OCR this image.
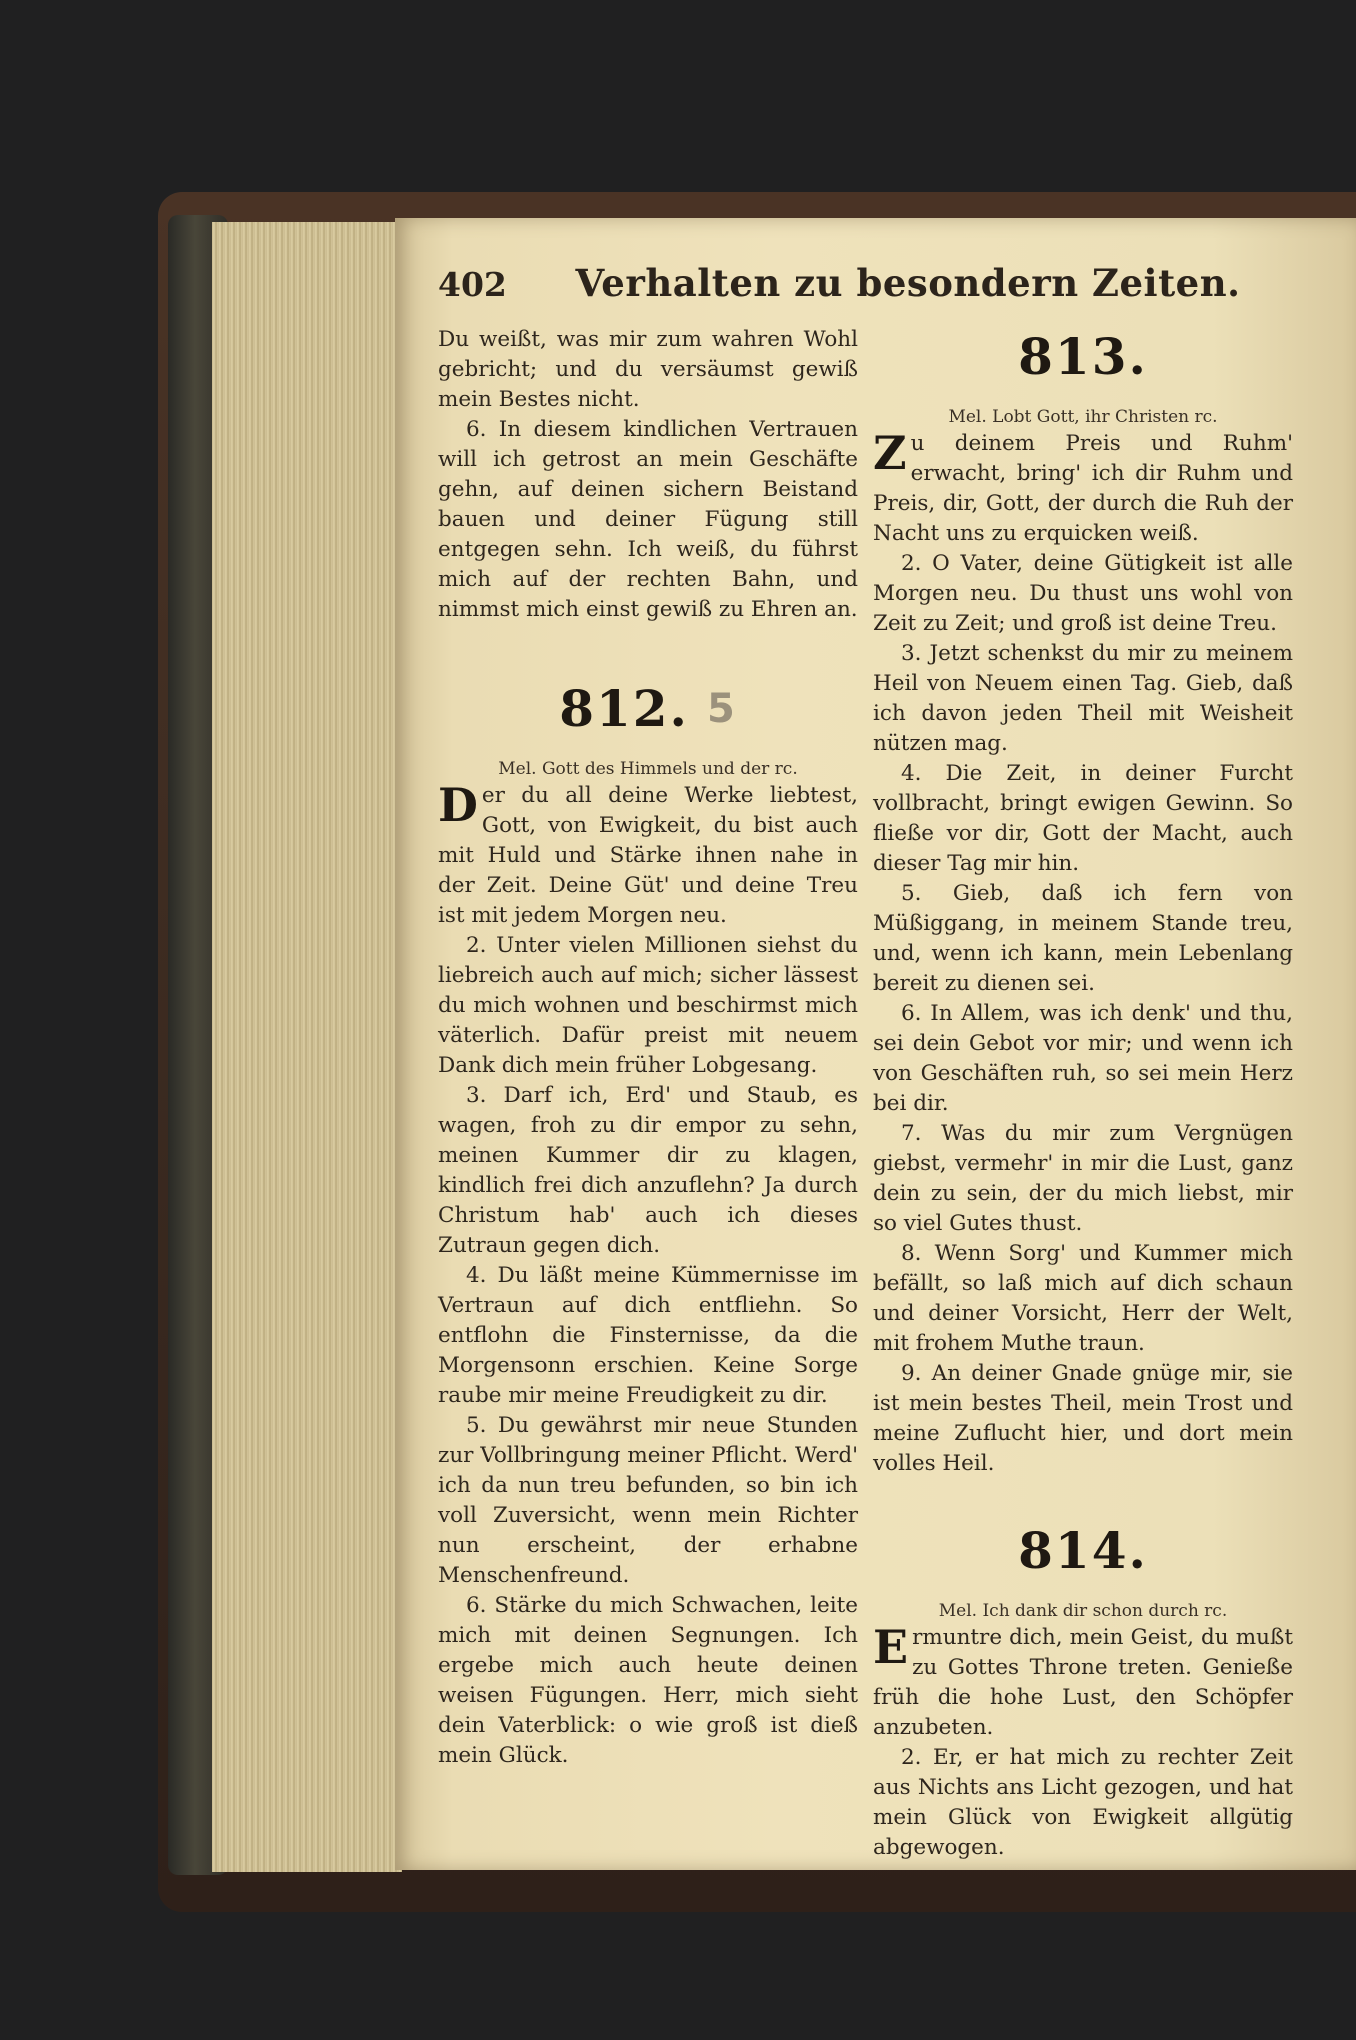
402 Verhalten zu besondern Zeiten.

Du weißt, was mir zum wahren Wohl gebricht; und du versäumst gewiß mein Bestes nicht.

6. In diesem kindlichen Vertrauen will ich getrost an mein Geschäfte gehn, auf deinen sichern Beistand bauen und deiner Fügung still entgegen sehn. Ich weiß, du führst mich auf der rechten Bahn, und nimmst mich einst gewiß zu Ehren an.

812. 5

Mel. Gott des Himmels und der rc.

Der du all deine Werke liebtest, Gott, von Ewigkeit, du bist auch mit Huld und Stärke ihnen nahe in der Zeit. Deine Güt' und deine Treu ist mit jedem Morgen neu.

2. Unter vielen Millionen siehst du liebreich auch auf mich; sicher lässest du mich wohnen und beschirmst mich väterlich. Dafür preist mit neuem Dank dich mein früher Lobgesang.

3. Darf ich, Erd' und Staub, es wagen, froh zu dir empor zu sehn, meinen Kummer dir zu klagen, kindlich frei dich anzuflehn? Ja durch Christum hab' auch ich dieses Zutraun gegen dich.

4. Du läßt meine Kümmernisse im Vertraun auf dich entfliehn. So entflohn die Finsternisse, da die Morgensonn erschien. Keine Sorge raube mir meine Freudigkeit zu dir.

5. Du gewährst mir neue Stunden zur Vollbringung meiner Pflicht. Werd' ich da nun treu befunden, so bin ich voll Zuversicht, wenn mein Richter nun erscheint, der erhabne Menschenfreund.

6. Stärke du mich Schwachen, leite mich mit deinen Segnungen. Ich ergebe mich auch heute deinen weisen Fügungen. Herr, mich sieht dein Vaterblick: o wie groß ist dieß mein Glück.

813.

Mel. Lobt Gott, ihr Christen rc.

Zu deinem Preis und Ruhm' erwacht, bring' ich dir Ruhm und Preis, dir, Gott, der durch die Ruh der Nacht uns zu erquicken weiß.

2. O Vater, deine Gütigkeit ist alle Morgen neu. Du thust uns wohl von Zeit zu Zeit; und groß ist deine Treu.

3. Jetzt schenkst du mir zu meinem Heil von Neuem einen Tag. Gieb, daß ich davon jeden Theil mit Weisheit nützen mag.

4. Die Zeit, in deiner Furcht vollbracht, bringt ewigen Gewinn. So fließe vor dir, Gott der Macht, auch dieser Tag mir hin.

5. Gieb, daß ich fern von Müßiggang, in meinem Stande treu, und, wenn ich kann, mein Lebenlang bereit zu dienen sei.

6. In Allem, was ich denk' und thu, sei dein Gebot vor mir; und wenn ich von Geschäften ruh, so sei mein Herz bei dir.

7. Was du mir zum Vergnügen giebst, vermehr' in mir die Lust, ganz dein zu sein, der du mich liebst, mir so viel Gutes thust.

8. Wenn Sorg' und Kummer mich befällt, so laß mich auf dich schaun und deiner Vorsicht, Herr der Welt, mit frohem Muthe traun.

9. An deiner Gnade gnüge mir, sie ist mein bestes Theil, mein Trost und meine Zuflucht hier, und dort mein volles Heil.

814.

Mel. Ich dank dir schon durch rc.

Ermuntre dich, mein Geist, du mußt zu Gottes Throne treten. Genieße früh die hohe Lust, den Schöpfer anzubeten.

2. Er, er hat mich zu rechter Zeit aus Nichts ans Licht gezogen, und hat mein Glück von Ewigkeit allgütig abgewogen.
